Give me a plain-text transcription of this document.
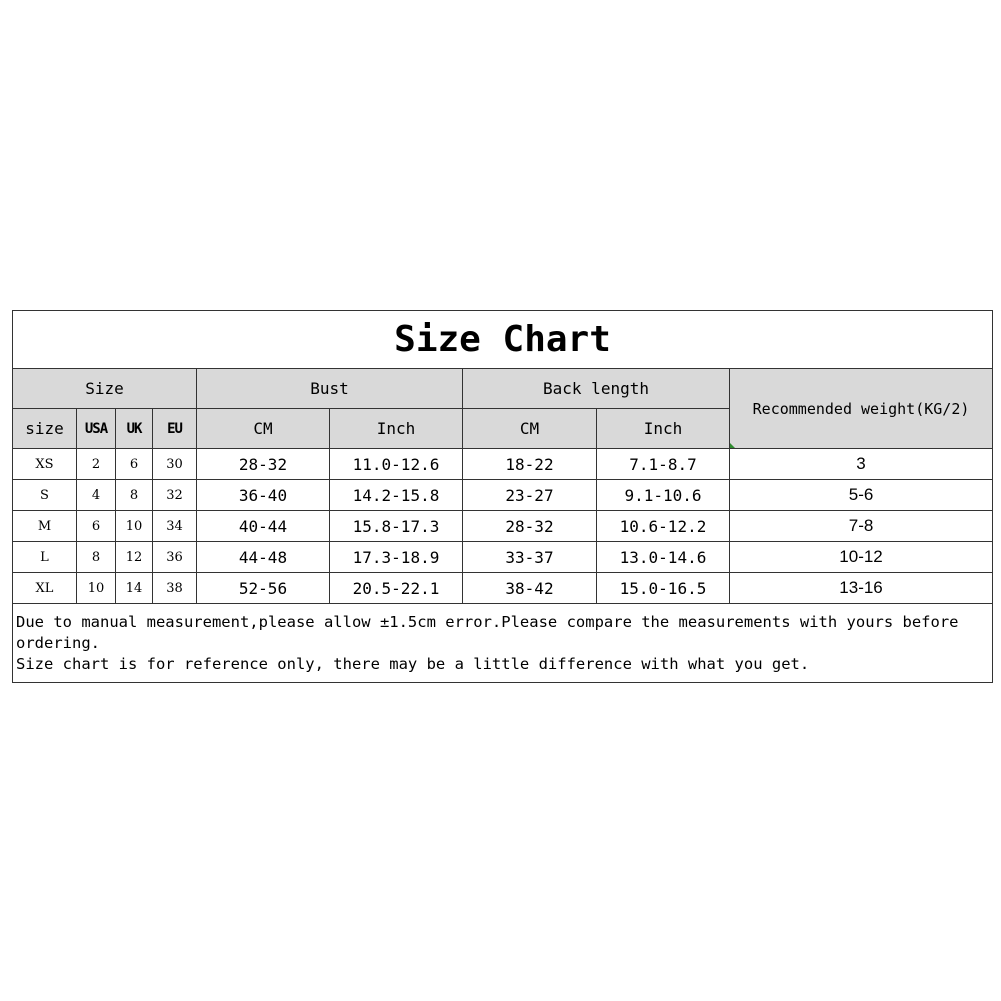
Size Chart								
Size				Bust		Back length		Recommended weight(KG/2)

size	USA	UK	EU	CM	Inch	CM	Inch	
XS	2	6	30	28-32	11.0-12.6	18-22	7.1-8.7	3
S	4	8	32	36-40	14.2-15.8	23-27	9.1-10.6	5-6
M	6	10	34	40-44	15.8-17.3	28-32	10.6-12.2	7-8
L	8	12	36	44-48	17.3-18.9	33-37	13.0-14.6	10-12
XL	10	14	38	52-56	20.5-22.1	38-42	15.0-16.5	13-16

Due to manual measurement,please allow ±1.5cm error.Please compare the measurements with yours before ordering.
Size chart is for reference only, there may be a little difference with what you get.								
